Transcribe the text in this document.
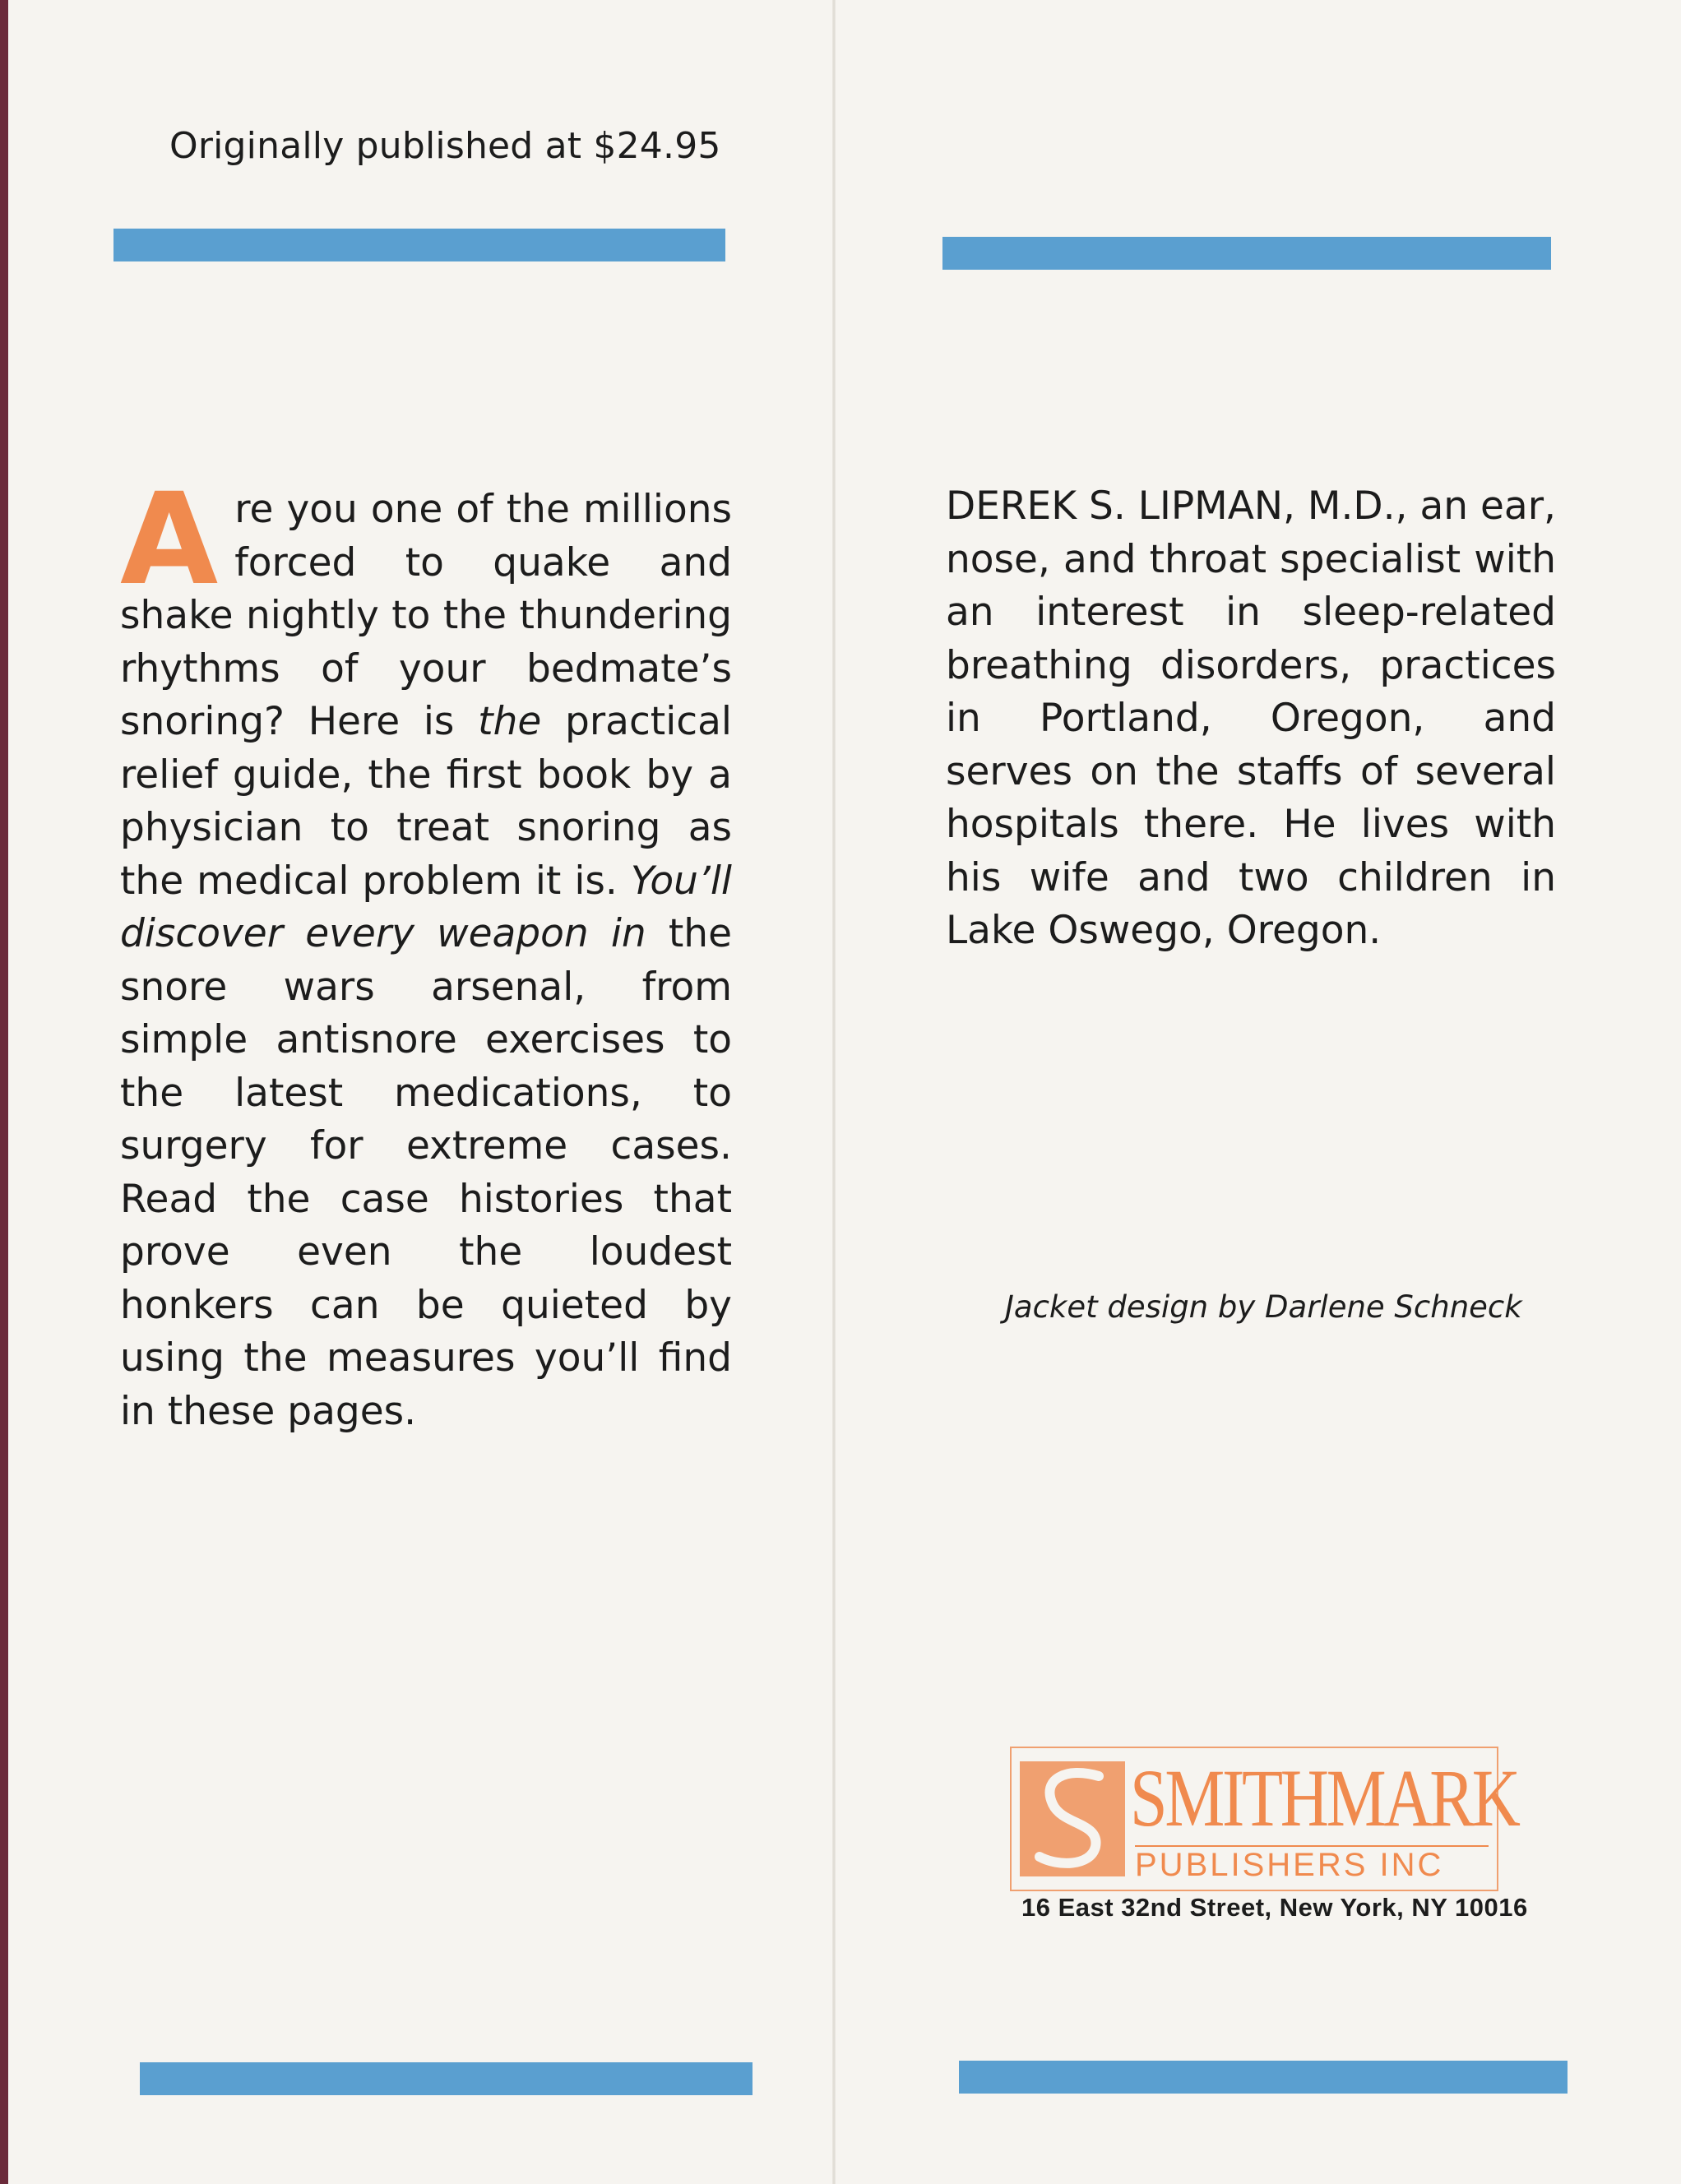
Originally published at $24.95
Are you one of the millions forced to quake and shake nightly to the thundering rhythms of your bedmate’s snoring? Here is the practical relief guide, the first book by a physician to treat snoring as the medical problem it is. You’ll discover every weapon in the snore wars arsenal, from simple antisnore exercises to the latest medications, to surgery for extreme cases. Read the case histories that prove even the loudest honkers can be quieted by using the measures you’ll find in these pages.
DEREK S. LIPMAN, M.D., an ear, nose, and throat specialist with an interest in sleep-related breathing disorders, practices in Portland, Oregon, and serves on the staffs of several hospitals there. He lives with his wife and two children in Lake Oswego, Oregon.
Jacket design by Darlene Schneck
SMITHMARK
PUBLISHERS INC
16 East 32nd Street, New York, NY 10016
